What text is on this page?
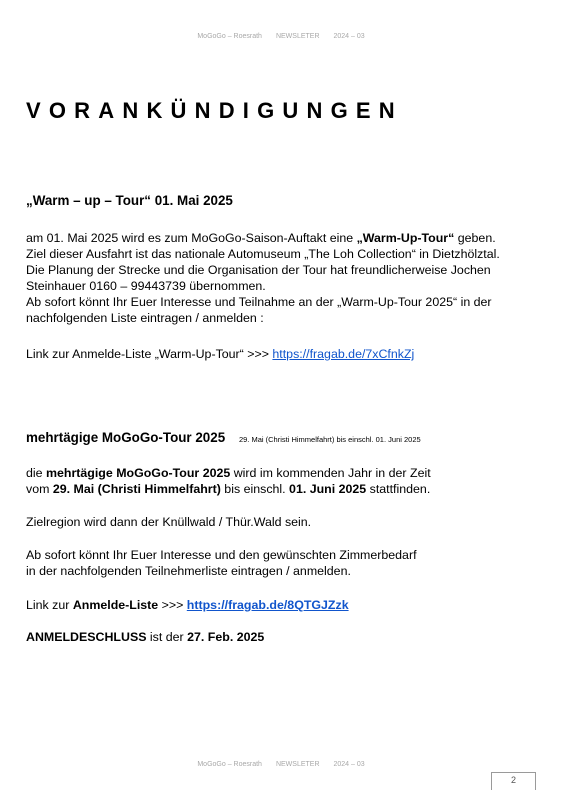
MoGoGo – Roesrath NEWSLETER 2024 – 03
VORANKÜNDIGUNGEN
„Warm – up – Tour“ 01. Mai 2025
am 01. Mai 2025 wird es zum MoGoGo-Saison-Auftakt eine „Warm-Up-Tour“ geben.
Ziel dieser Ausfahrt ist das nationale Automuseum „The Loh Collection“ in Dietzhölztal.
Die Planung der Strecke und die Organisation der Tour hat freundlicherweise Jochen
Steinhauer 0160 – 99443739 übernommen.
Ab sofort könnt Ihr Euer Interesse und Teilnahme an der „Warm-Up-Tour 2025“ in der
nachfolgenden Liste eintragen / anmelden :
Link zur Anmelde-Liste „Warm-Up-Tour“ >>> https://fragab.de/7xCfnkZj
mehrtägige MoGoGo-Tour 2025 29. Mai (Christi Himmelfahrt) bis einschl. 01. Juni 2025
die mehrtägige MoGoGo-Tour 2025 wird im kommenden Jahr in der Zeit
vom 29. Mai (Christi Himmelfahrt) bis einschl. 01. Juni 2025 stattfinden.
Zielregion wird dann der Knüllwald / Thür.Wald sein.
Ab sofort könnt Ihr Euer Interesse und den gewünschten Zimmerbedarf
in der nachfolgenden Teilnehmerliste eintragen / anmelden.
Link zur Anmelde-Liste >>> https://fragab.de/8QTGJZzk
ANMELDESCHLUSS ist der 27. Feb. 2025
MoGoGo – Roesrath NEWSLETER 2024 – 03
2
